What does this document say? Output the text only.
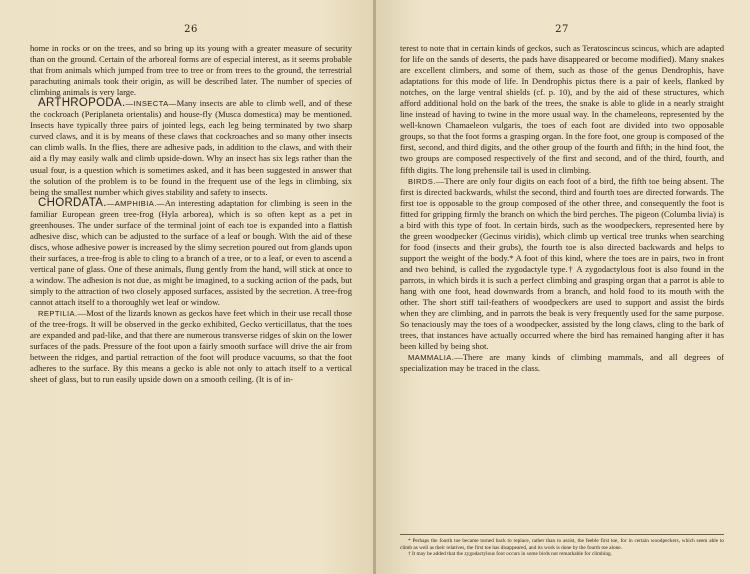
26

home in rocks or on the trees, and so bring up its young with a greater measure of security than on the ground. Certain of the arboreal forms are of especial interest, as it seems probable that from animals which jumped from tree to tree or from trees to the ground, the terrestrial parachuting animals took their origin, as will be described later. The number of species of climbing animals is very large.

ARTHROPODA.—INSECTA—Many insects are able to climb well, and of these the cockroach (Periplaneta orientalis) and house-fly (Musca domestica) may be mentioned. Insects have typically three pairs of jointed legs, each leg being terminated by two sharp curved claws, and it is by means of these claws that cockroaches and so many other insects can climb walls. In the flies, there are adhesive pads, in addition to the claws, and with their aid a fly may easily walk and climb upside-down. Why an insect has six legs rather than the usual four, is a question which is sometimes asked, and it has been suggested in answer that the solution of the problem is to be found in the frequent use of the legs in climbing, six being the smallest number which gives stability and safety to insects.

CHORDATA.—AMPHIBIA.—An interesting adaptation for climbing is seen in the familiar European green tree-frog (Hyla arborea), which is so often kept as a pet in greenhouses. The under surface of the terminal joint of each toe is expanded into a flattish adhesive disc, which can be adjusted to the surface of a leaf or bough. With the aid of these discs, whose adhesive power is increased by the slimy secretion poured out from glands upon their surfaces, a tree-frog is able to cling to a branch of a tree, or to a leaf, or even to ascend a vertical pane of glass. One of these animals, flung gently from the hand, will stick at once to a window. The adhesion is not due, as might be imagined, to a sucking action of the pads, but simply to the attraction of two closely apposed surfaces, assisted by the secretion. A tree-frog cannot attach itself to a thoroughly wet leaf or window.

REPTILIA.—Most of the lizards known as geckos have feet which in their use recall those of the tree-frogs. It will be observed in the gecko exhibited, Gecko verticillatus, that the toes are expanded and pad-like, and that there are numerous transverse ridges of skin on the lower surfaces of the pads. Pressure of the foot upon a fairly smooth surface will drive the air from between the ridges, and partial retraction of the foot will produce vacuums, so that the foot adheres to the surface. By this means a gecko is able not only to attach itself to a vertical sheet of glass, but to run easily upside down on a smooth ceiling. (It is of in-

27

terest to note that in certain kinds of geckos, such as Teratoscincus scincus, which are adapted for life on the sands of deserts, the pads have disappeared or become modified). Many snakes are excellent climbers, and some of them, such as those of the genus Dendrophis, have adaptations for this mode of life. In Dendrophis pictus there is a pair of keels, flanked by notches, on the large ventral shields (cf. p. 10), and by the aid of these structures, which afford additional hold on the bark of the trees, the snake is able to glide in a nearly straight line instead of having to twine in the more usual way. In the chameleons, represented by the well-known Chamaeleon vulgaris, the toes of each foot are divided into two opposable groups, so that the foot forms a grasping organ. In the fore foot, one group is composed of the first, second, and third digits, and the other group of the fourth and fifth; in the hind foot, the two groups are composed respectively of the first and second, and of the third, fourth, and fifth digits. The long prehensile tail is used in climbing.

BIRDS.—There are only four digits on each foot of a bird, the fifth toe being absent. The first is directed backwards, whilst the second, third and fourth toes are directed forwards. The first toe is opposable to the group composed of the other three, and consequently the foot is fitted for gripping firmly the branch on which the bird perches. The pigeon (Columba livia) is a bird with this type of foot. In certain birds, such as the woodpeckers, represented here by the green woodpecker (Gecinus viridis), which climb up vertical tree trunks when searching for food (insects and their grubs), the fourth toe is also directed backwards and helps to support the weight of the body.* A foot of this kind, where the toes are in pairs, two in front and two behind, is called the zygodactyle type.† A zygodactylous foot is also found in the parrots, in which birds it is such a perfect climbing and grasping organ that a parrot is able to hang with one foot, head downwards from a branch, and hold food to its mouth with the other. The short stiff tail-feathers of woodpeckers are used to support and assist the birds when they are climbing, and in parrots the beak is very frequently used for the same purpose. So tenaciously may the toes of a woodpecker, assisted by the long claws, cling to the bark of trees, that instances have actually occurred where the bird has remained hanging after it has been killed by being shot.

MAMMALIA.—There are many kinds of climbing mammals, and all degrees of specialization may be traced in the class.

* Perhaps the fourth toe became turned back to replace, rather than to assist, the feeble first toe, for in certain woodpeckers, which seem able to climb as well as their relatives, the first toe has disappeared, and its work is done by the fourth toe alone.

† It may be added that the zygodactylous foot occurs in some birds not remarkable for climbing.
